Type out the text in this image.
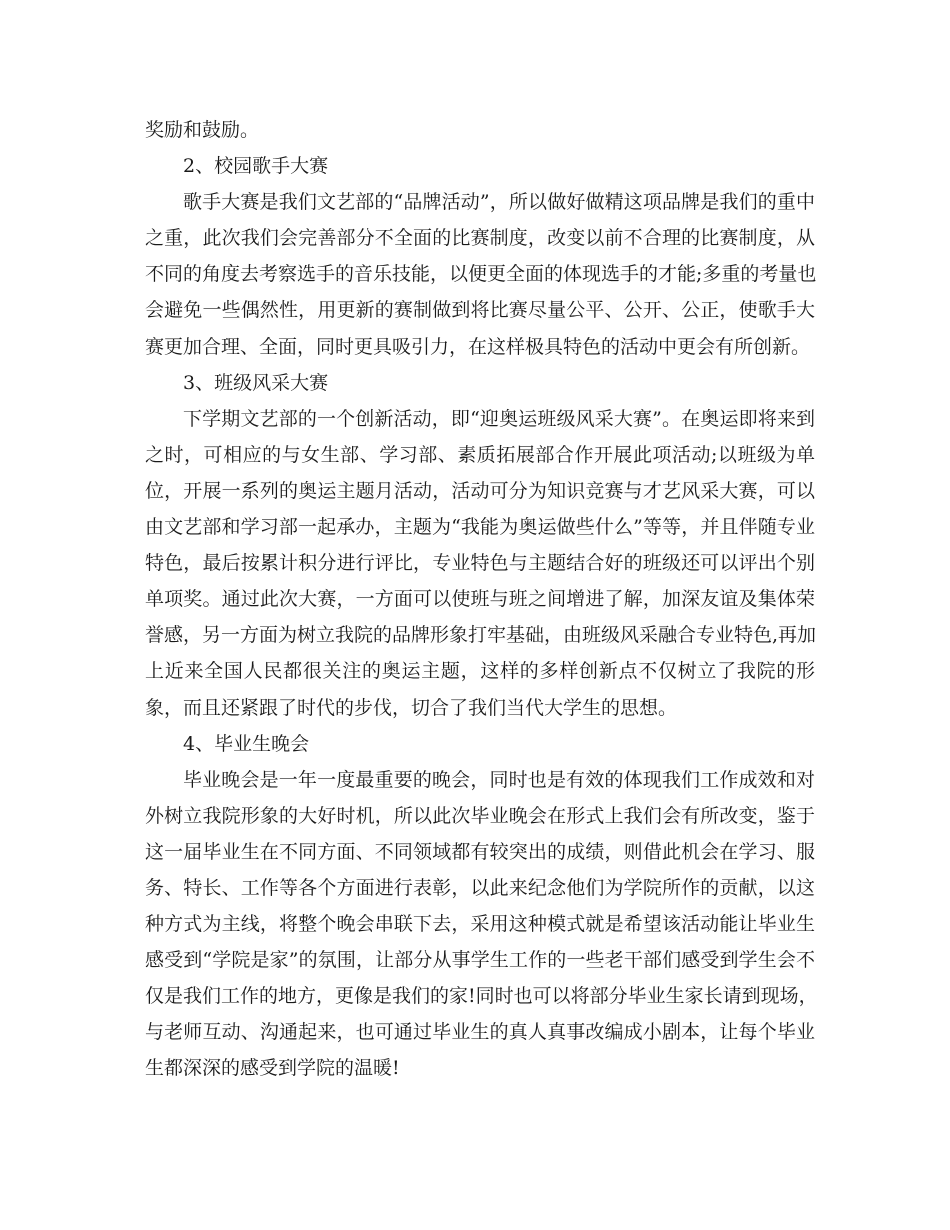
奖励和鼓励。
2、校园歌手大赛
歌手大赛是我们文艺部的“品牌活动”，所以做好做精这项品牌是我们的重中
之重，此次我们会完善部分不全面的比赛制度，改变以前不合理的比赛制度，从
不同的角度去考察选手的音乐技能，以便更全面的体现选手的才能;多重的考量也
会避免一些偶然性，用更新的赛制做到将比赛尽量公平、公开、公正，使歌手大
赛更加合理、全面，同时更具吸引力，在这样极具特色的活动中更会有所创新。
3、班级风采大赛
下学期文艺部的一个创新活动，即“迎奥运班级风采大赛”。在奥运即将来到
之时，可相应的与女生部、学习部、素质拓展部合作开展此项活动;以班级为单
位，开展一系列的奥运主题月活动，活动可分为知识竞赛与才艺风采大赛，可以
由文艺部和学习部一起承办，主题为“我能为奥运做些什么”等等，并且伴随专业
特色，最后按累计积分进行评比，专业特色与主题结合好的班级还可以评出个别
单项奖。通过此次大赛，一方面可以使班与班之间增进了解，加深友谊及集体荣
誉感，另一方面为树立我院的品牌形象打牢基础，由班级风采融合专业特色,再加
上近来全国人民都很关注的奥运主题，这样的多样创新点不仅树立了我院的形
象，而且还紧跟了时代的步伐，切合了我们当代大学生的思想。
4、毕业生晚会
毕业晚会是一年一度最重要的晚会，同时也是有效的体现我们工作成效和对
外树立我院形象的大好时机，所以此次毕业晚会在形式上我们会有所改变，鉴于
这一届毕业生在不同方面、不同领域都有较突出的成绩，则借此机会在学习、服
务、特长、工作等各个方面进行表彰，以此来纪念他们为学院所作的贡献，以这
种方式为主线，将整个晚会串联下去，采用这种模式就是希望该活动能让毕业生
感受到“学院是家”的氛围，让部分从事学生工作的一些老干部们感受到学生会不
仅是我们工作的地方，更像是我们的家!同时也可以将部分毕业生家长请到现场，
与老师互动、沟通起来，也可通过毕业生的真人真事改编成小剧本，让每个毕业
生都深深的感受到学院的温暖!
